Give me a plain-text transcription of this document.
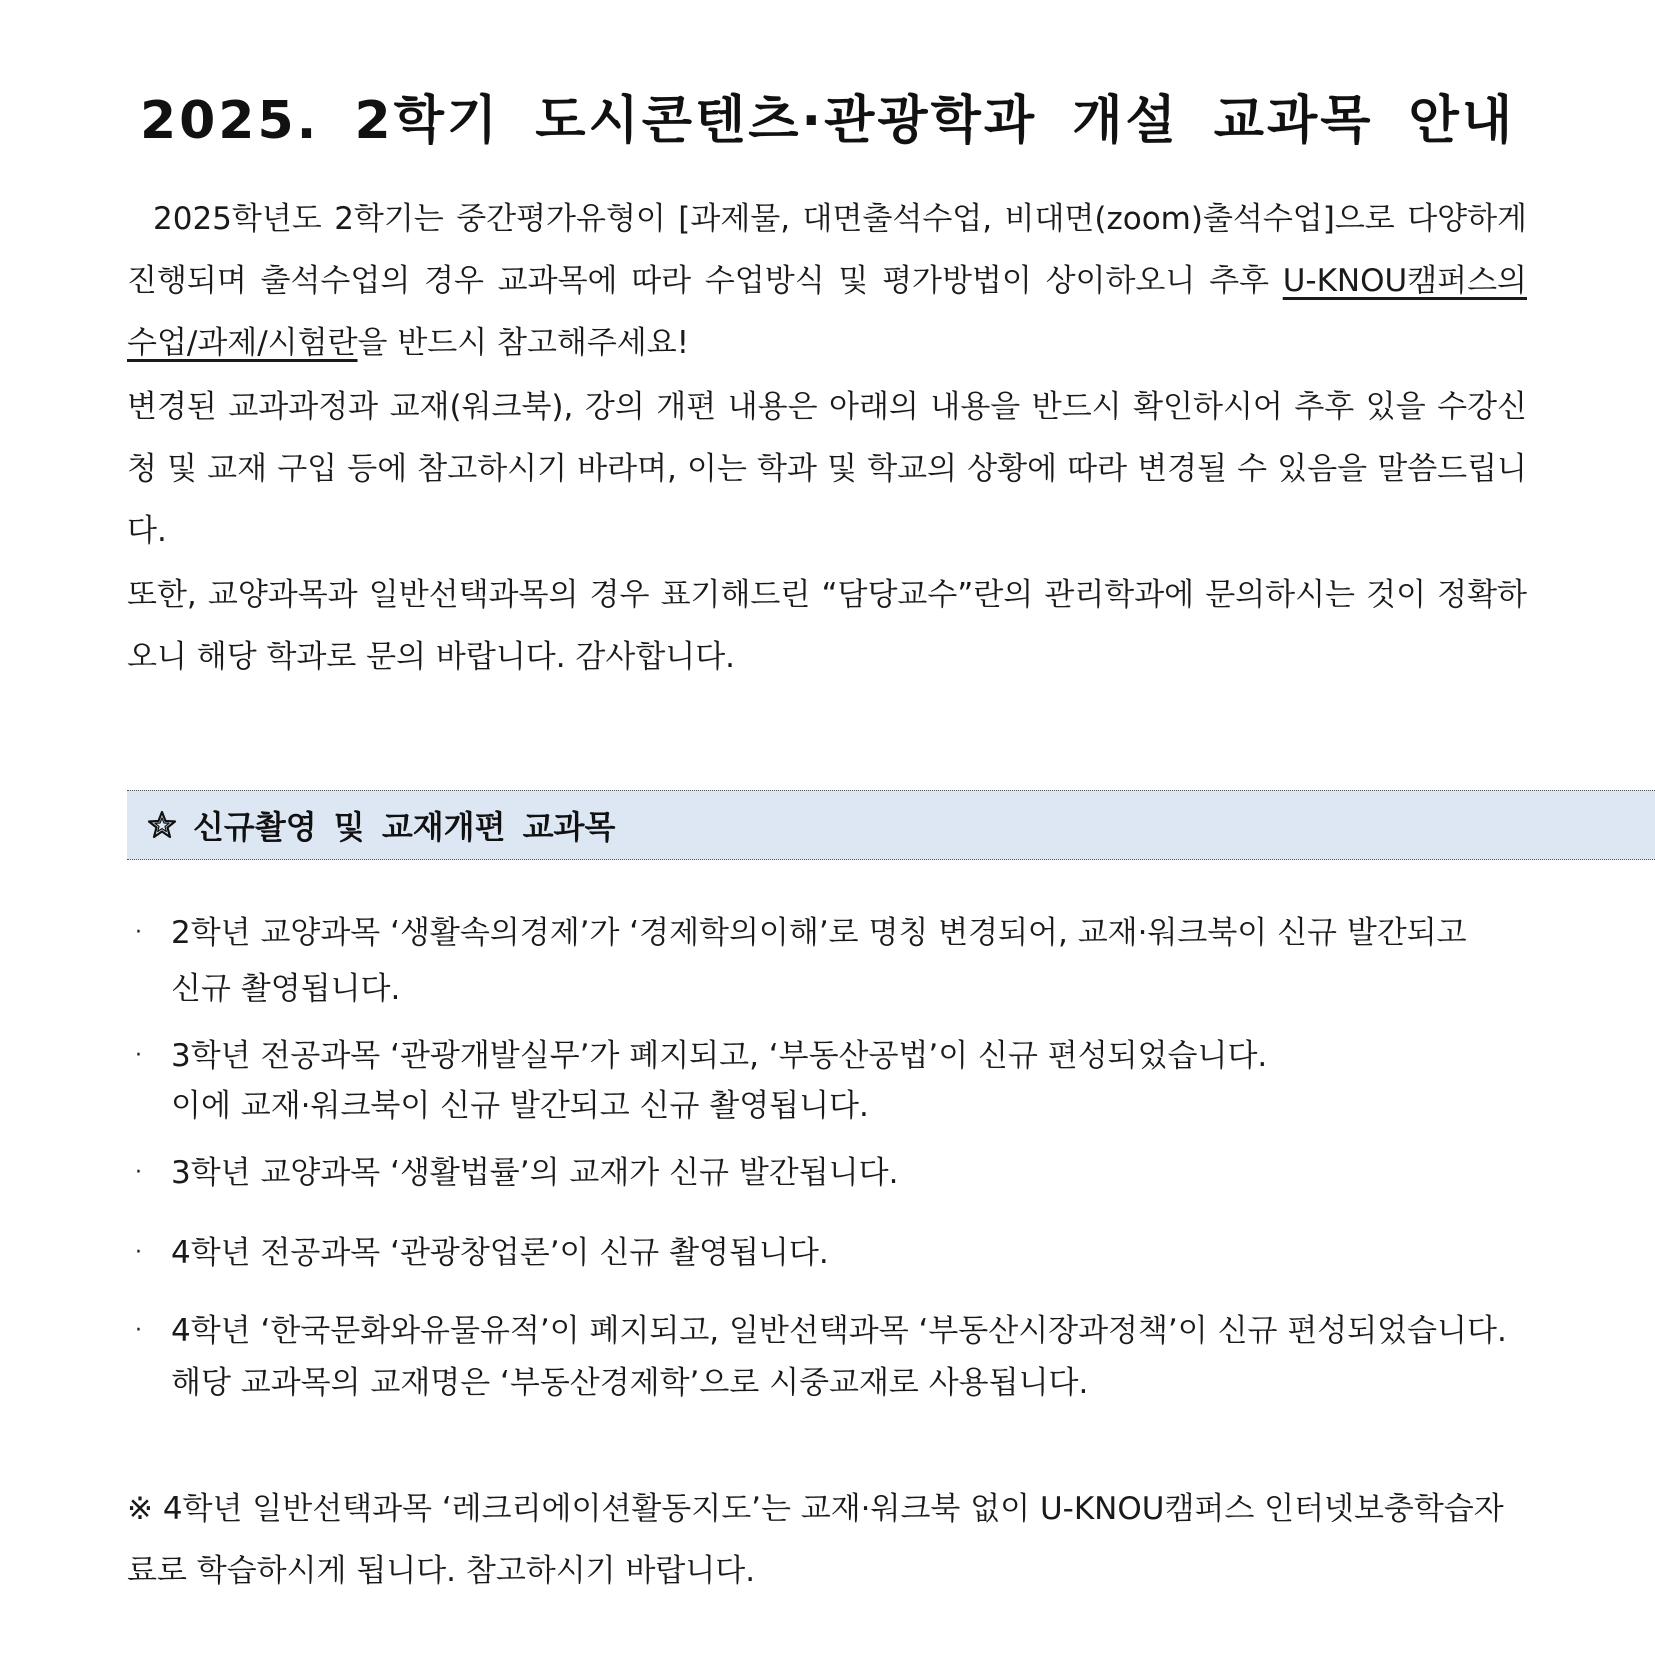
2025. 2학기 도시콘텐츠·관광학과 개설 교과목 안내

2025학년도 2학기는 중간평가유형이 [과제물, 대면출석수업, 비대면(zoom)출석수업]으로 다양하게 진행되며 출석수업의 경우 교과목에 따라 수업방식 및 평가방법이 상이하오니 추후 U-KNOU캠퍼스의 수업/과제/시험란을 반드시 참고해주세요!

변경된 교과과정과 교재(워크북), 강의 개편 내용은 아래의 내용을 반드시 확인하시어 추후 있을 수강신청 및 교재 구입 등에 참고하시기 바라며, 이는 학과 및 학교의 상황에 따라 변경될 수 있음을 말씀드립니다.

또한, 교양과목과 일반선택과목의 경우 표기해드린 “담당교수”란의 관리학과에 문의하시는 것이 정확하오니 해당 학과로 문의 바랍니다. 감사합니다.

신규촬영 및 교재개편 교과목
· 2학년 교양과목 ‘생활속의경제’가 ‘경제학의이해’로 명칭 변경되어, 교재·워크북이 신규 발간되고
신규 촬영됩니다.
· 3학년 전공과목 ‘관광개발실무’가 폐지되고, ‘부동산공법’이 신규 편성되었습니다.
이에 교재·워크북이 신규 발간되고 신규 촬영됩니다.
· 3학년 교양과목 ‘생활법률’의 교재가 신규 발간됩니다.
· 4학년 전공과목 ‘관광창업론’이 신규 촬영됩니다.
· 4학년 ‘한국문화와유물유적’이 폐지되고, 일반선택과목 ‘부동산시장과정책’이 신규 편성되었습니다.
해당 교과목의 교재명은 ‘부동산경제학’으로 시중교재로 사용됩니다.

※ 4학년 일반선택과목 ‘레크리에이션활동지도’는 교재·워크북 없이 U-KNOU캠퍼스 인터넷보충학습자료로 학습하시게 됩니다. 참고하시기 바랍니다.
